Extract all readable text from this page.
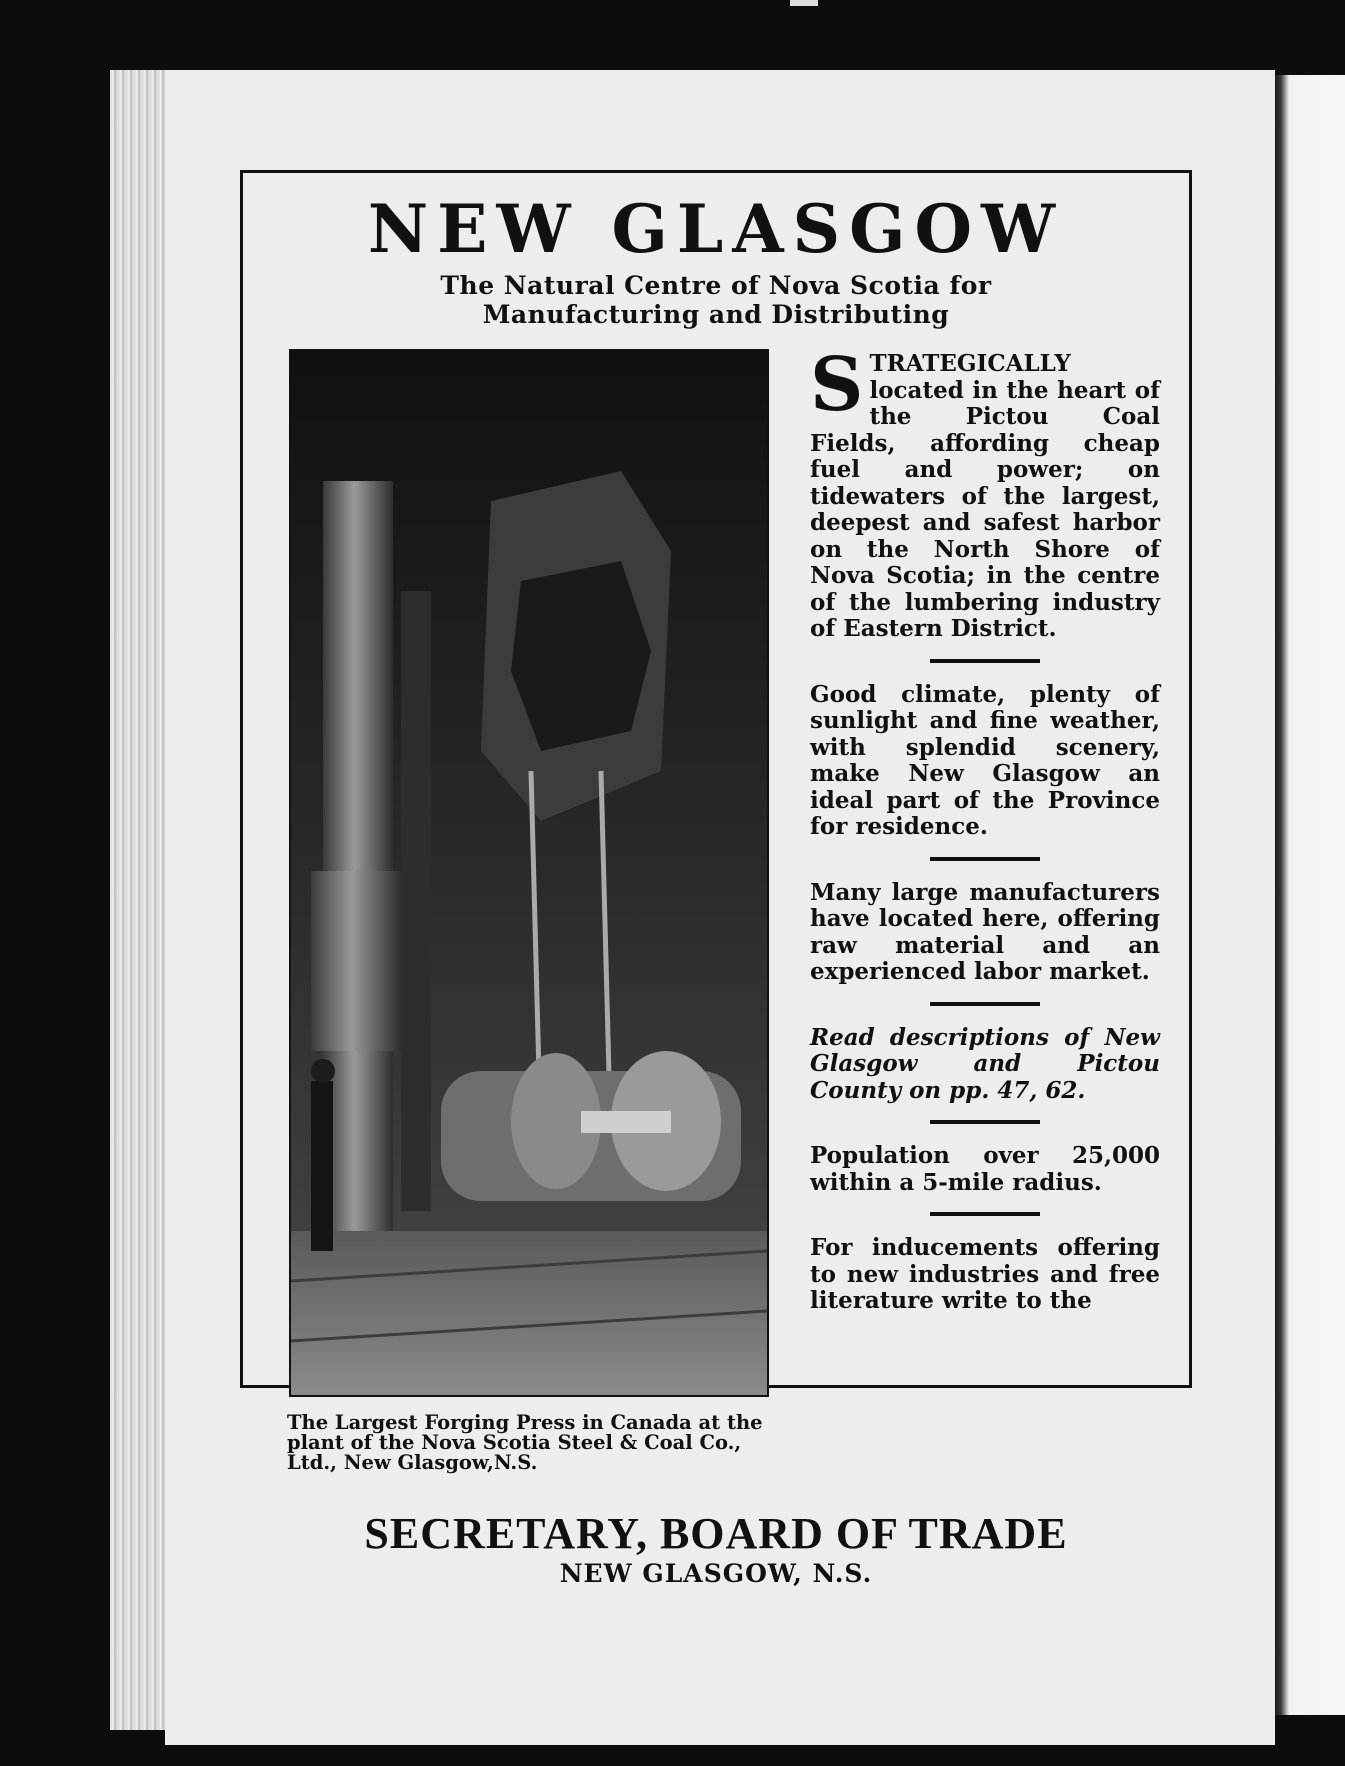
NEW GLASGOW
The Natural Centre of Nova Scotia for Manufacturing and Distributing
The Largest Forging Press in Canada at the plant of the Nova Scotia Steel & Coal Co., Ltd., New Glasgow,N.S.

STRATEGICALLY located in the heart of the Pictou Coal Fields, affording cheap fuel and power; on tidewaters of the largest, deepest and safest harbor on the North Shore of Nova Scotia; in the centre of the lumbering industry of Eastern District.

Good climate, plenty of sunlight and fine weather, with splendid scenery, make New Glasgow an ideal part of the Province for residence.

Many large manufacturers have located here, offering raw material and an experienced labor market.

Read descriptions of New Glasgow and Pictou County on pp. 47, 62.

Population over 25,000 within a 5-mile radius.

For inducements offering to new industries and free literature write to the

SECRETARY, BOARD OF TRADE
NEW GLASGOW, N.S.
